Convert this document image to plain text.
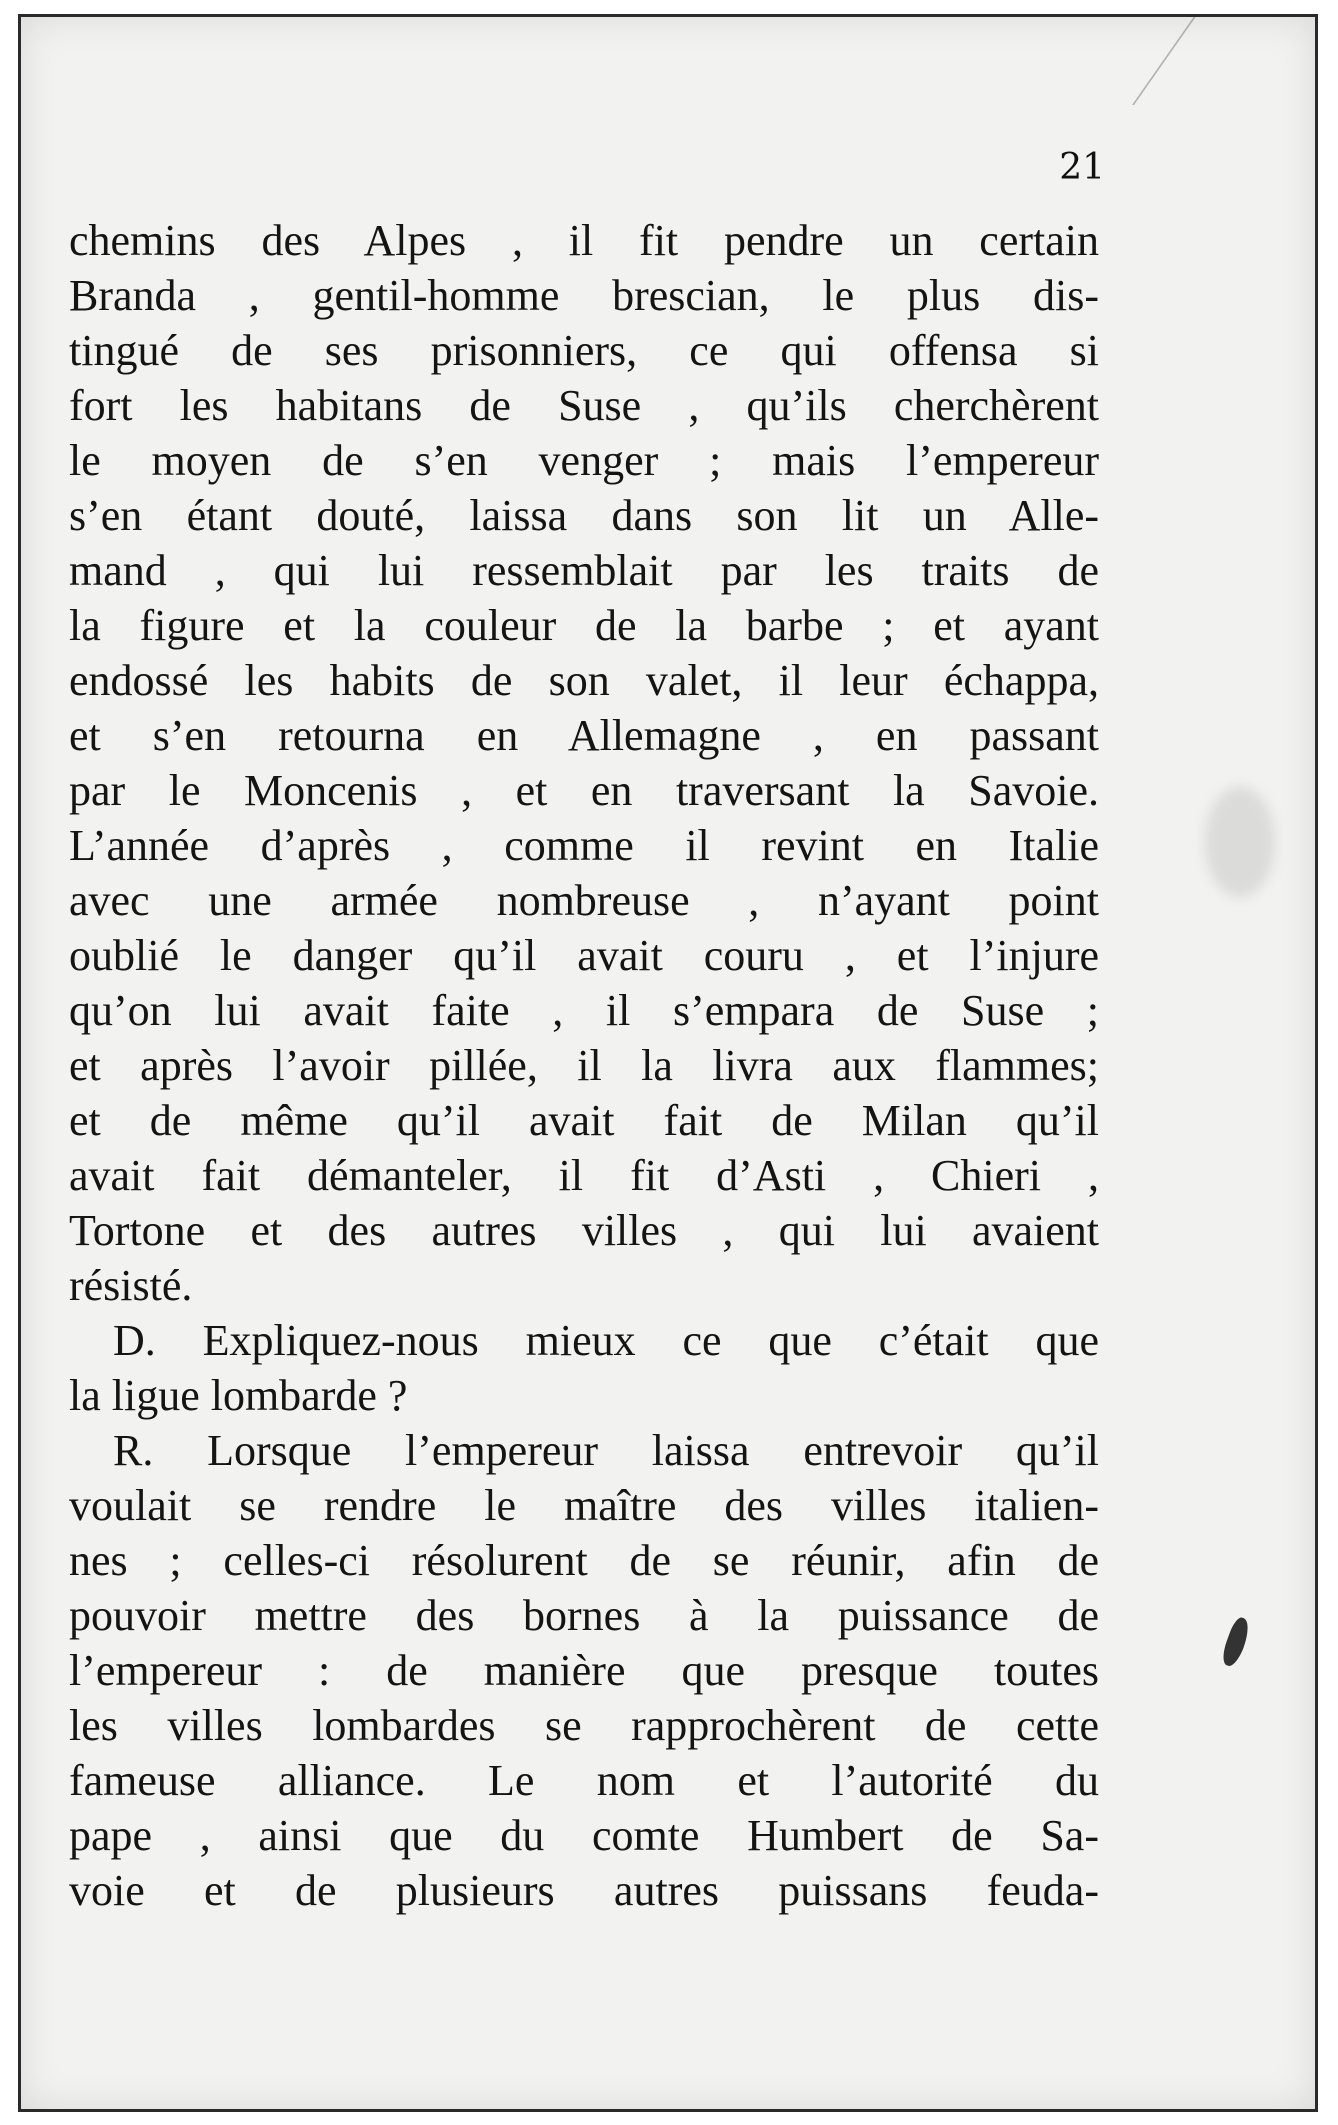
21
chemins des Alpes , il fit pendre un certain
Branda , gentil-homme brescian, le plus dis-
tingué de ses prisonniers, ce qui offensa si
fort les habitans de Suse , qu’ils cherchèrent
le moyen de s’en venger ; mais l’empereur
s’en étant douté, laissa dans son lit un Alle-
mand , qui lui ressemblait par les traits de
la figure et la couleur de la barbe ; et ayant
endossé les habits de son valet, il leur échappa,
et s’en retourna en Allemagne , en passant
par le Moncenis , et en traversant la Savoie.
L’année d’après , comme il revint en Italie
avec une armée nombreuse , n’ayant point
oublié le danger qu’il avait couru , et l’injure
qu’on lui avait faite , il s’empara de Suse ;
et après l’avoir pillée, il la livra aux flammes;
et de même qu’il avait fait de Milan qu’il
avait fait démanteler, il fit d’Asti , Chieri ,
Tortone et des autres villes , qui lui avaient
résisté.
D. Expliquez-nous mieux ce que c’était que
la ligue lombarde ?
R. Lorsque l’empereur laissa entrevoir qu’il
voulait se rendre le maître des villes italien-
nes ; celles-ci résolurent de se réunir, afin de
pouvoir mettre des bornes à la puissance de
l’empereur : de manière que presque toutes
les villes lombardes se rapprochèrent de cette
fameuse alliance. Le nom et l’autorité du
pape , ainsi que du comte Humbert de Sa-
voie et de plusieurs autres puissans feuda-
